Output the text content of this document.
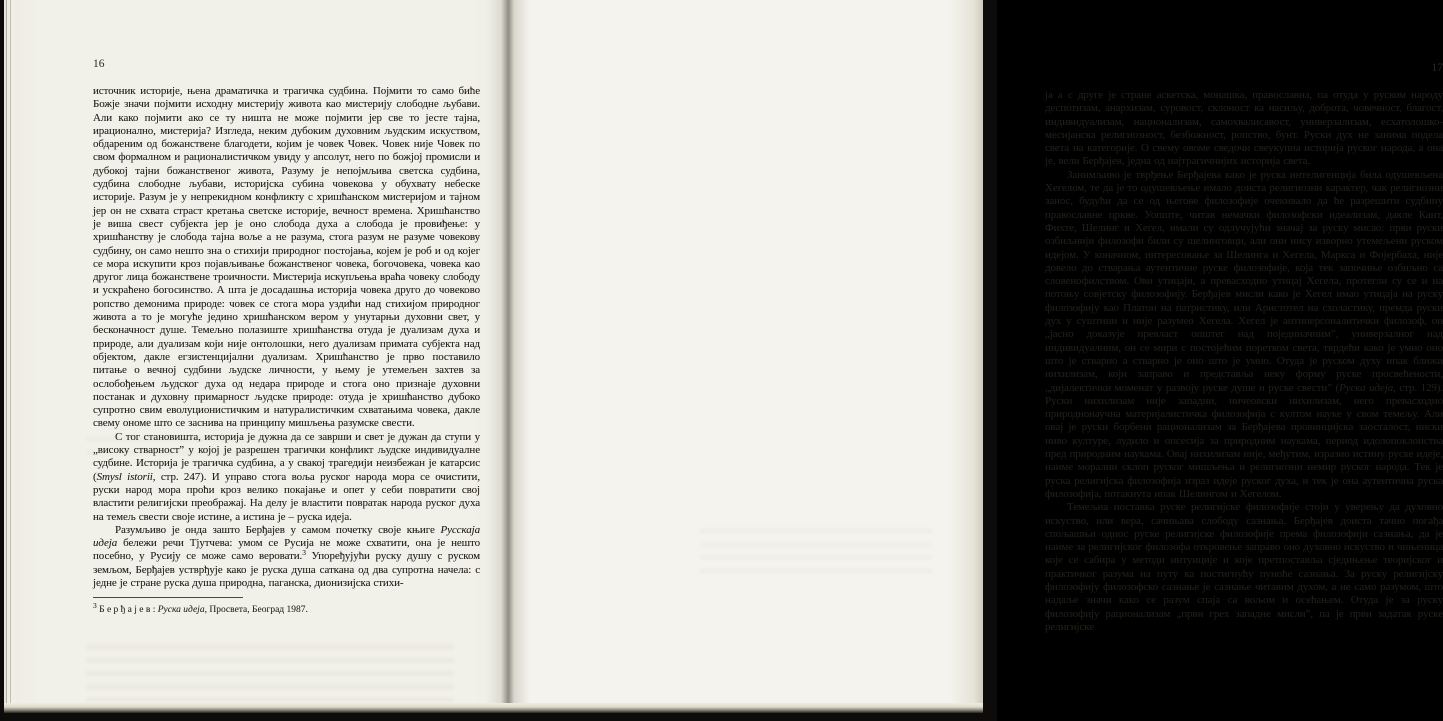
16

источник историје, њена драматичка и трагичка судбина. Појмити то само биће Божје значи појмити исходну мистерију живота као мистерију слободне љубави. Али како појмити ако се ту ништа не може појмити јер све то јесте тајна, ирационално, мистерија? Изгледа, неким дубоким духовним људским искуством, обдареним од божанствене благодети, којим је човек Човек. Човек није Човек по свом формалном и рационалистичком увиду у апсолут, него по божјој промисли и дубокој тајни божанственог живота, Разуму је непојмљива светска судбина, судбина слободне љубави, историјска субина човекова у обухвату небеске историје. Разум је у непрекидном конфликту с хришћанском мистеријом и тајном јер он не схвата страст кретања светске историје, вечност времена. Хришћанство је виша свест субјекта јер је оно слобода духа а слобода је провиђење: у хришћанству је слобода тајна воље а не разума, стога разум не разуме човекову судбину, он само нешто зна о стихији природног постојања, којем је роб и од којег се мора искупити кроз појављивање божанственог човека, богочовека, човека као другог лица божанствене троичности. Мистерија искупљења враћа човеку слободу и ускраћено богосинство. А шта је досадашња историја човека друго до човеково ропство демонима природе: човек се стога мора уздићи над стихијом природног живота а то је могуће једино хришћанском вером у унутарњи духовни свет, у бесконачност душе. Темељно полазиште хришћанства отуда је дуализам духа и природе, али дуализам који није онтолошки, него дуализам примата субјекта над објектом, дакле егзистенцијални дуализам. Хришћанство је прво поставило питање о вечној судбини људске личности, у њему је утемељен захтев за ослобођењем људског духа од недара природе и стога оно признаје духовни постанак и духовну примарност људске природе: отуда је хришћанство дубоко супротно свим еволуционистичким и натуралистичким схватањима човека, дакле свему ономе што се заснива на принципу мишљења разумске свести.

С тог становишта, историја је дужна да се заврши и свет је дужан да ступи у „високу стварност” у којој је разрешен трагички конфликт људске индивидуалне судбине. Историја је трагичка судбина, а у свакој трагедији неизбежан је катарсис (Smysl istorii, стр. 247). И управо стога воља руског народа мора се очистити, руски народ мора проћи кроз велико покајање и опет у себи повратити свој властити религијски преображај. На делу је властити повратак народа руског духа на темељ свести своје истине, а истина је – руска идеја.

Разумљиво је онда зашто Берђајев у самом почетку своје књиге Русскаја идеја бележи речи Тјутчева: умом се Русија не може схватити, она је нешто посебно, у Русију се може само веровати.$^3$ Упоређујући руску душу с руском земљом, Берђајев устврђује како је руска душа саткана од два супротна начела: с једне је стране руска душа природна, паганска, дионизијска стихи-

$^3$ Б е р ђ а ј е в : Руска идеја, Просвета, Београд 1987.

17

ја а с друге је стране аскетска, монашка, православна, па отуда у руском народу деспотизам, анархизам, суровост, склоност ка насиљу, доброта, човечност, благост, индивидуализам, национализам, самохвалисавост, универзализам, есхатолошко-месијанска религиозност, безбожност, ропство, бунт. Руски дух не занима подела света на категорије. О свему овоме сведочи свеукупна историја руског народа, а она је, вели Берђајев, једна од најтрагичнијих историја света.

Занимљиво је тврђење Берђајева како је руска интелигенција била одушевљена Хегелом, те да је то одушевљење имало доиста религиозни карактер, чак религиозни занос, будући да се од његове филозофије очекивало да ће разрешити судбину православне цркве. Уопште, читав немачки филозофски идеализам, дакле Кант, Фихте, Шелинг и Хегел, имали су одлучујући значај за руску мисао: први руски озбиљнији филозофи били су шелинговци, али они нису изворно утемељени руском идејом. У коначном, интересовање за Шелинга и Хегела, Маркса и Фојербаха, није довело до стварања аутентичне руске филозофије, која тек започиње озбиљно са словенофилством. Ови утицаји, а превасходно утицај Хегела, протегли су се и на потоњу совјетску филозофију. Берђајев мисли како је Хегел имао утицаја на руску филозофију као Платон на патристику, или Аристотел на схоластику, премда руски дух у суштини и није разумео Хегела. Хегел је антиперсоналитички филозоф, он „јасно доказује превласт општег над појединачним”, универзалног над индивидуалним, он се мири с постојећим поретком света, тврдећи како је умно оно што је стварно а стварно је оно што је умно. Отуда је руском духу ипак ближи нихилизам, који заправо и представља неку форму руске просвећености, „дијалектички моменат у развоју руске душе и руске свести” (Руска идеја, стр. 129). Руски нихилизам није западни, ничеовски нихилизам, него превасходно природнонаучна материјалистичка филозофија с култом науке у свом темељу. Али овај је руски борбени рационализам за Берђајева провинцијска заосталост, ниски ниво културе, лудило и опсесија за природним наукама, период идолопоклонства пред природним наукама. Овај нихилизам није, међутим, изразио истину руске идеје, наиме морални склоп руског мишљења и религиозни немир руског народа. Тек је руска религијска филозофија израз идеје руског духа, и тек је она аутентична руска филозофија, потакнута ипак Шелингом и Хегелом.

Темељна поставка руске религијске филозофије стоји у уверењу да духовно искуство, или вера, сачињава слободу сазнања. Берђајев доиста тачно погађа спољашњи однос руске религијске филозофије према филозофији сазнања, да је наиме за религијског филозофа откровење заправо оно духовно искуство и чињеница које се сабира у методи интуиције и које претпоставља сједињење теоријског и практичког разума на путу ка постигнућу пуноће сазнања. За руску религијску филозофију филозофско сазнање је сазнање читавим духом, а не само разумом, што надаље значи како се разум спаја са вољом и осећањем. Отуда је за руску филозофију рационализам „први грех западне мисли”, па је први задатак руске религијске
